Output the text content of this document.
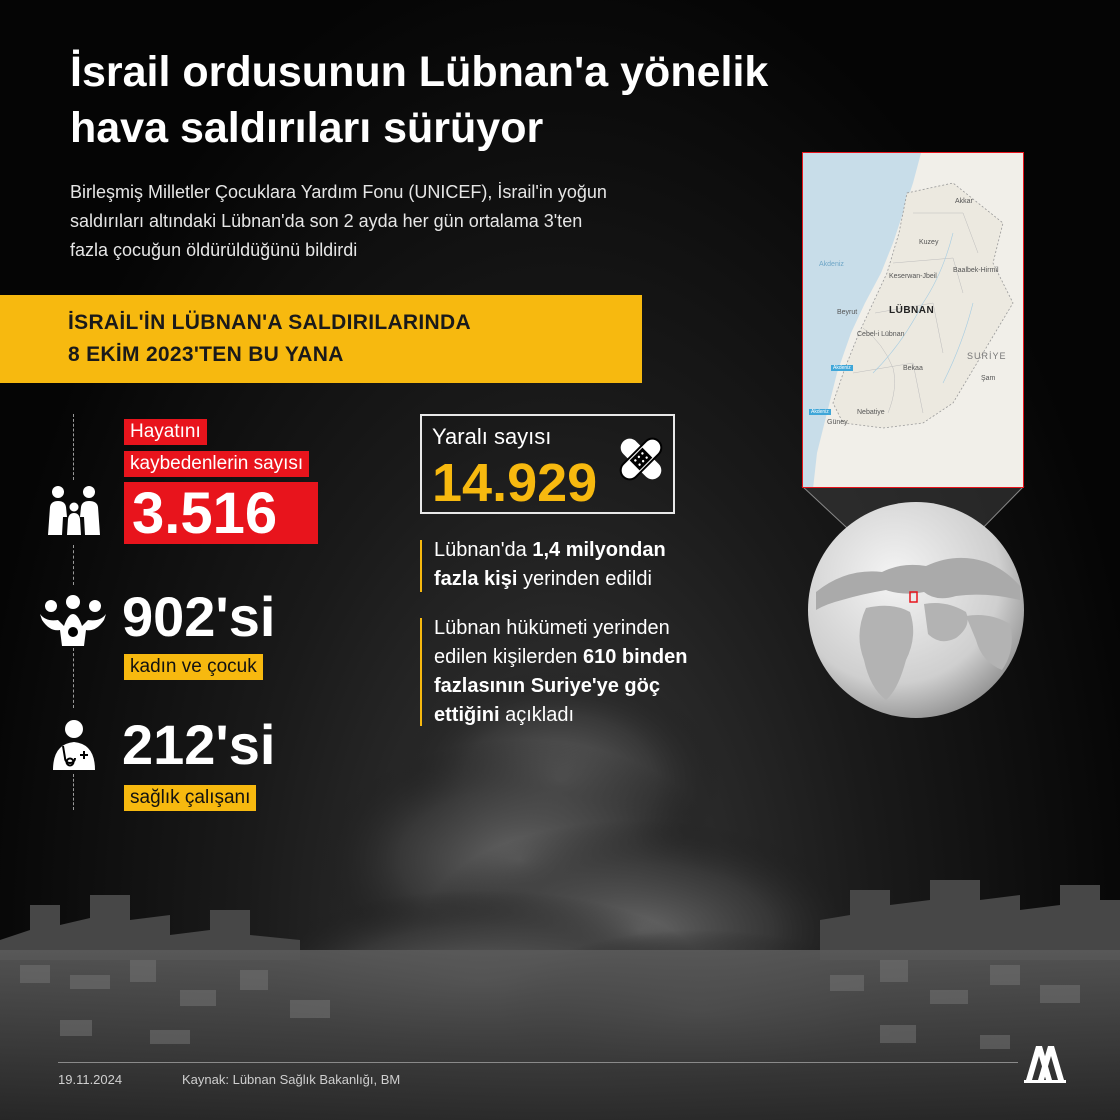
İsrail ordusunun Lübnan'a yönelik
hava saldırıları sürüyor
Birleşmiş Milletler Çocuklara Yardım Fonu (UNICEF), İsrail'in yoğun
saldırıları altındaki Lübnan'da son 2 ayda her gün ortalama 3'ten
fazla çocuğun öldürüldüğünü bildirdi
İSRAİL'İN LÜBNAN'A SALDIRILARINDA
8 EKİM 2023'TEN BU YANA
Hayatını
kaybedenlerin sayısı
3.516
902'si
kadın ve çocuk
212'si
sağlık çalışanı
Yaralı sayısı
14.929
Lübnan'da 1,4 milyondan
fazla kişi yerinden edildi
Lübnan hükümeti yerinden
edilen kişilerden 610 binden
fazlasının Suriye'ye göç
ettiğini açıkladı
Akkar
Kuzey
Keserwan-Jbeil
Baalbek-Hirmil
Beyrut	LÜBNAN
Cebel-i Lübnan
SURİYE
Bekaa
Şam
Nebatiye
Güney
Akdeniz
Akdeniz
Akdeniz
19.11.2024	Kaynak: Lübnan Sağlık Bakanlığı, BM
